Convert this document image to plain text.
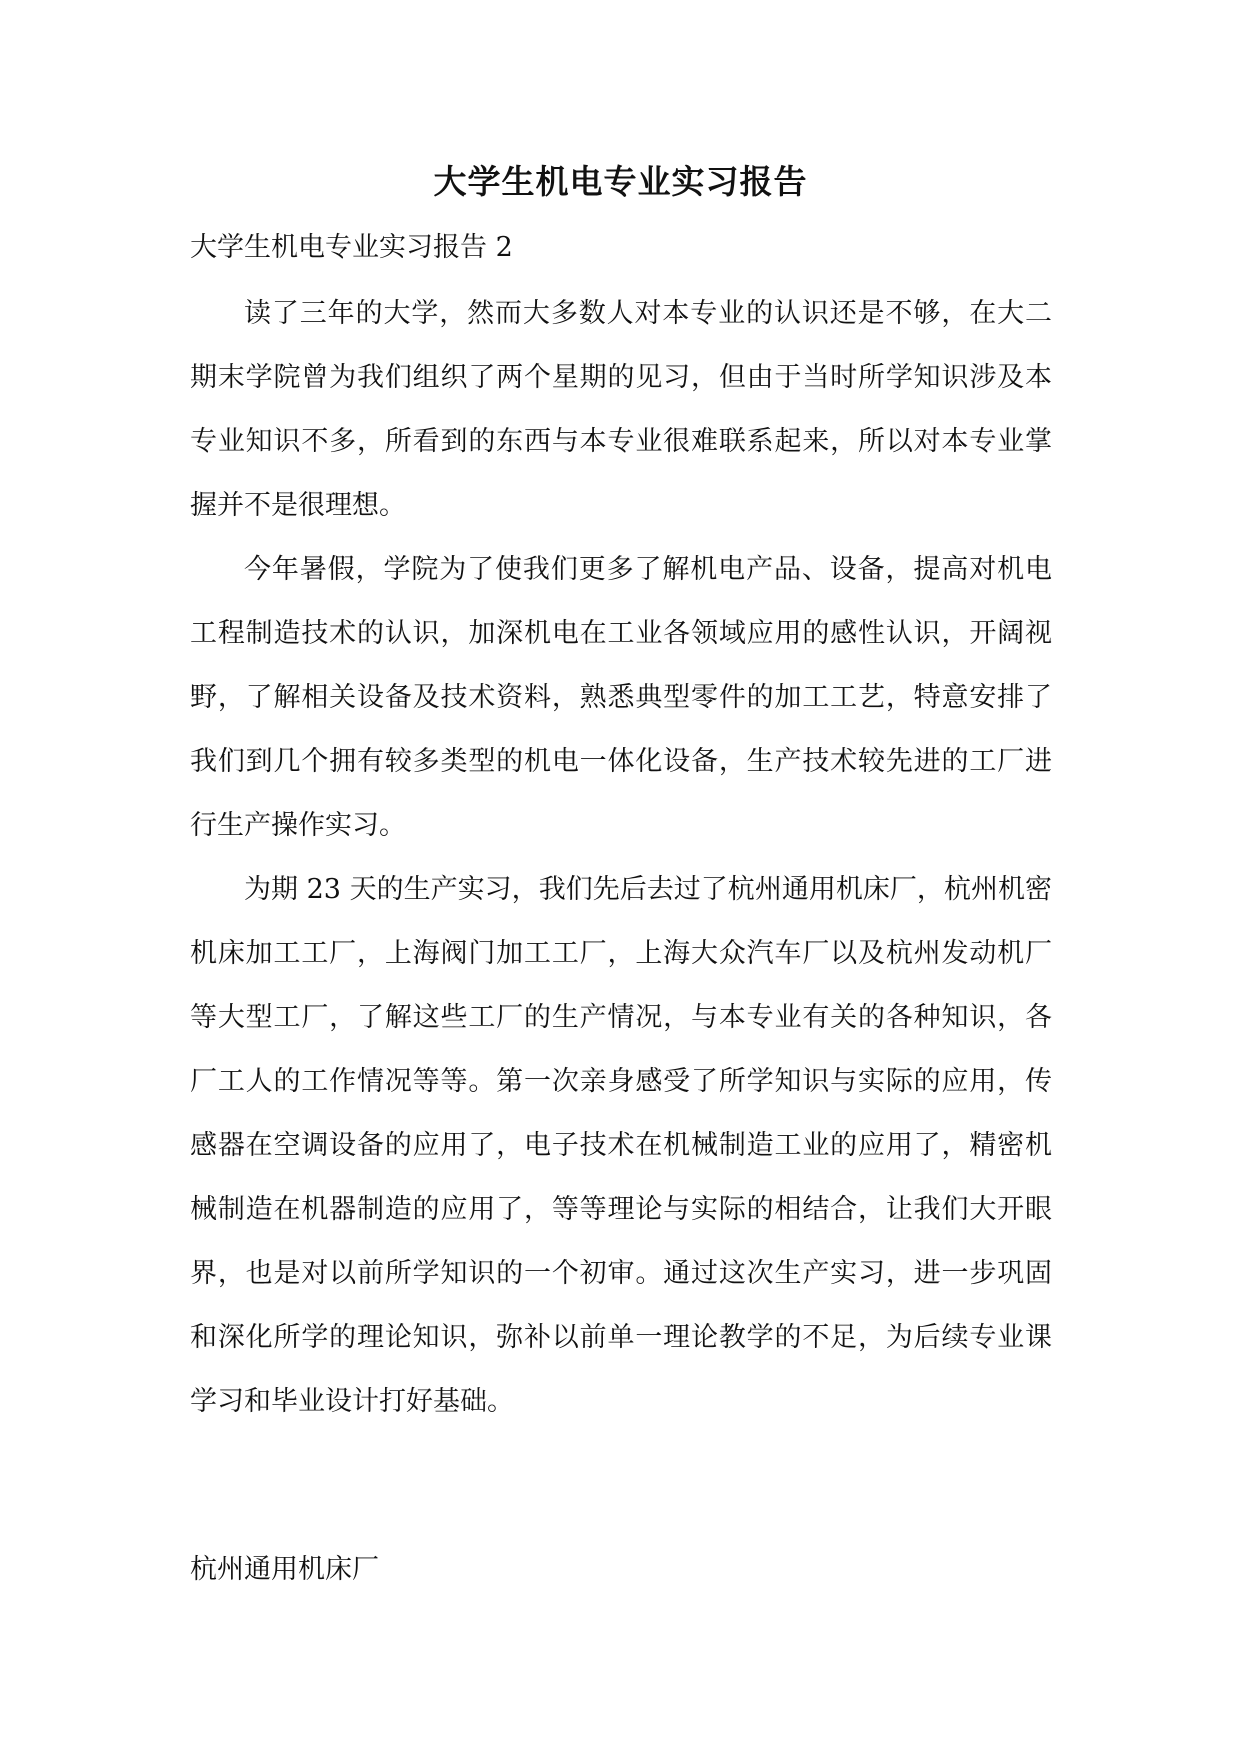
大学生机电专业实习报告
大学生机电专业实习报告 2

读了三年的大学，然而大多数人对本专业的认识还是不够，在大二期末学院曾为我们组织了两个星期的见习，但由于当时所学知识涉及本专业知识不多，所看到的东西与本专业很难联系起来，所以对本专业掌握并不是很理想。

今年暑假，学院为了使我们更多了解机电产品、设备，提高对机电工程制造技术的认识，加深机电在工业各领域应用的感性认识，开阔视野，了解相关设备及技术资料，熟悉典型零件的加工工艺，特意安排了我们到几个拥有较多类型的机电一体化设备，生产技术较先进的工厂进行生产操作实习。

为期 23 天的生产实习，我们先后去过了杭州通用机床厂，杭州机密机床加工工厂，上海阀门加工工厂，上海大众汽车厂以及杭州发动机厂等大型工厂，了解这些工厂的生产情况，与本专业有关的各种知识，各厂工人的工作情况等等。第一次亲身感受了所学知识与实际的应用，传感器在空调设备的应用了，电子技术在机械制造工业的应用了，精密机械制造在机器制造的应用了，等等理论与实际的相结合，让我们大开眼界，也是对以前所学知识的一个初审。通过这次生产实习，进一步巩固和深化所学的理论知识，弥补以前单一理论教学的不足，为后续专业课学习和毕业设计打好基础。

杭州通用机床厂
